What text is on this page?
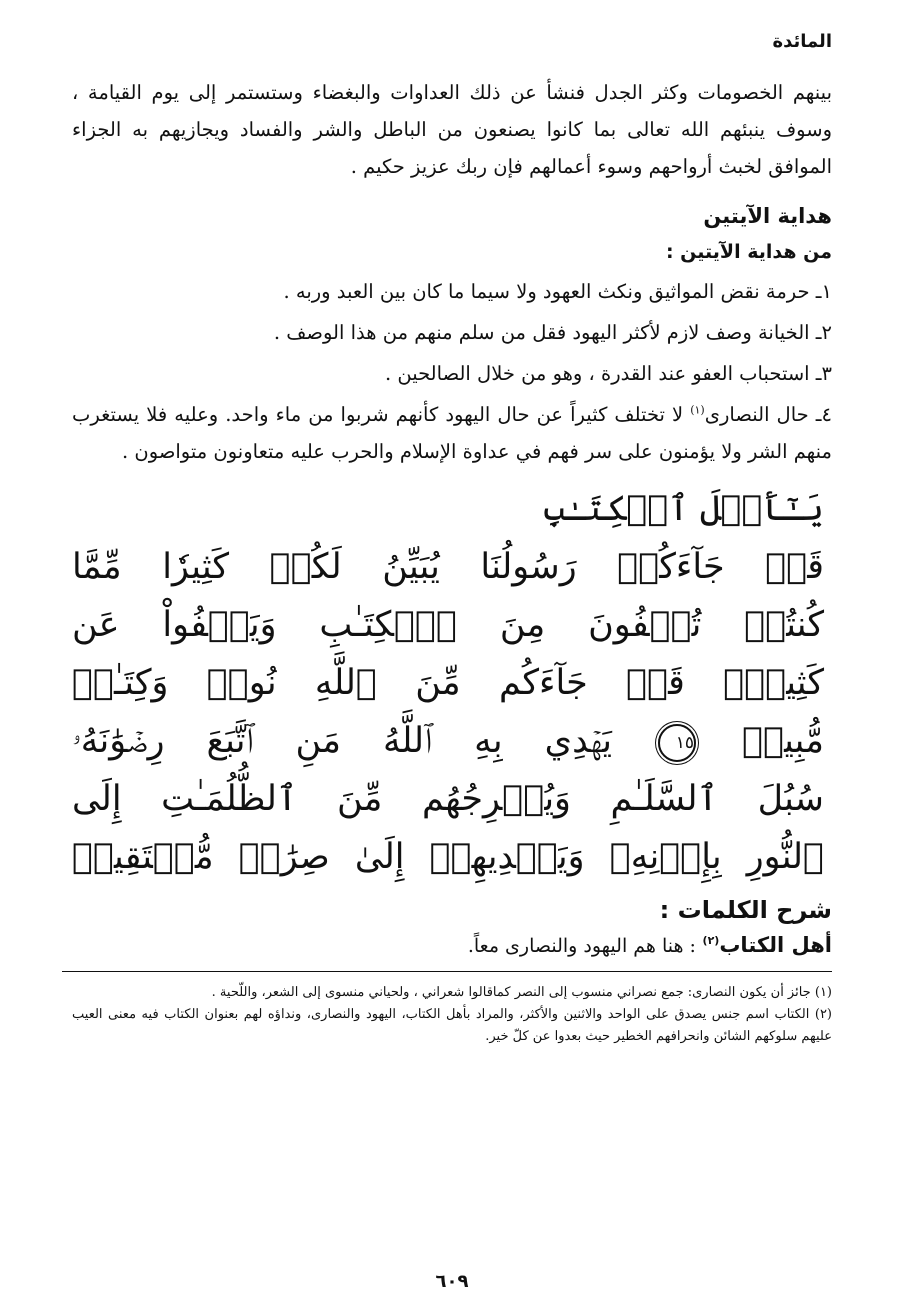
المائدة

بينهم الخصومات وكثر الجدل فنشأ عن ذلك العداوات والبغضاء وستستمر إلى يوم القيامة ، وسوف ينبئهم الله تعالى بما كانوا يصنعون من الباطل والشر والفساد ويجازيهم به الجزاء الموافق لخبث أرواحهم وسوء أعمالهم فإن ربك عزيز حكيم .

هداية الآيتين
من هداية الآيتين :
١ـ حرمة نقض المواثيق ونكث العهود ولا سيما ما كان بين العبد وربه .
٢ـ الخيانة وصف لازم لأكثر اليهود فقل من سلم منهم من هذا الوصف .
٣ـ استحباب العفو عند القدرة ، وهو من خلال الصالحين .
٤ـ حال النصارى$^{(١)}$ لا تختلف كثيراً عن حال اليهود كأنهم شربوا من ماء واحد. وعليه فلا يستغرب منهم الشر ولا يؤمنون على سر فهم في عداوة الإسلام والحرب عليه متعاونون متواصون .
يَـٰٓأَهۡلَ ٱلۡكِتَـٰبِ
قَدۡ جَآءَكُمۡ رَسُولُنَا يُبَيِّنُ لَكُمۡ كَثِيرٗا مِّمَّا
كُنتُمۡ تُخۡفُونَ مِنَ ٱلۡكِتَـٰبِ وَيَعۡفُواْ عَن
كَثِيرٖۚ قَدۡ جَآءَكُم مِّنَ ٱللَّهِ نُورٞ وَكِتَـٰبٞ
مُّبِينٞ ١٥ يَهۡدِي بِهِ ٱللَّهُ مَنِ ٱتَّبَعَ رِضۡوَٰنَهُۥ
سُبُلَ ٱلسَّلَـٰمِ وَيُخۡرِجُهُم مِّنَ ٱلظُّلُمَـٰتِ إِلَى
ٱلنُّورِ بِإِذۡنِهِۦ وَيَهۡدِيهِمۡ إِلَىٰ صِرَٰطٖ مُّسۡتَقِيمٖ
شرح الكلمات :
أهل الكتاب$^{(٢)}$ : هنا هم اليهود والنصارى معاً.

(١) جائز أن يكون النصارى: جمع نصراني منسوب إلى النصر كماقالوا شعراني ، ولحياني منسوى إلى الشعر، واللّحية .

(٢) الكتاب اسم جنس يصدق على الواحد والاثنين والأكثر، والمراد بأهل الكتاب، اليهود والنصارى، ونداؤه لهم بعنوان الكتاب فيه معنى العيب عليهم سلوكهم الشائن وانحرافهم الخطير حيث بعدوا عن كلّ خير.

٦٠٩
